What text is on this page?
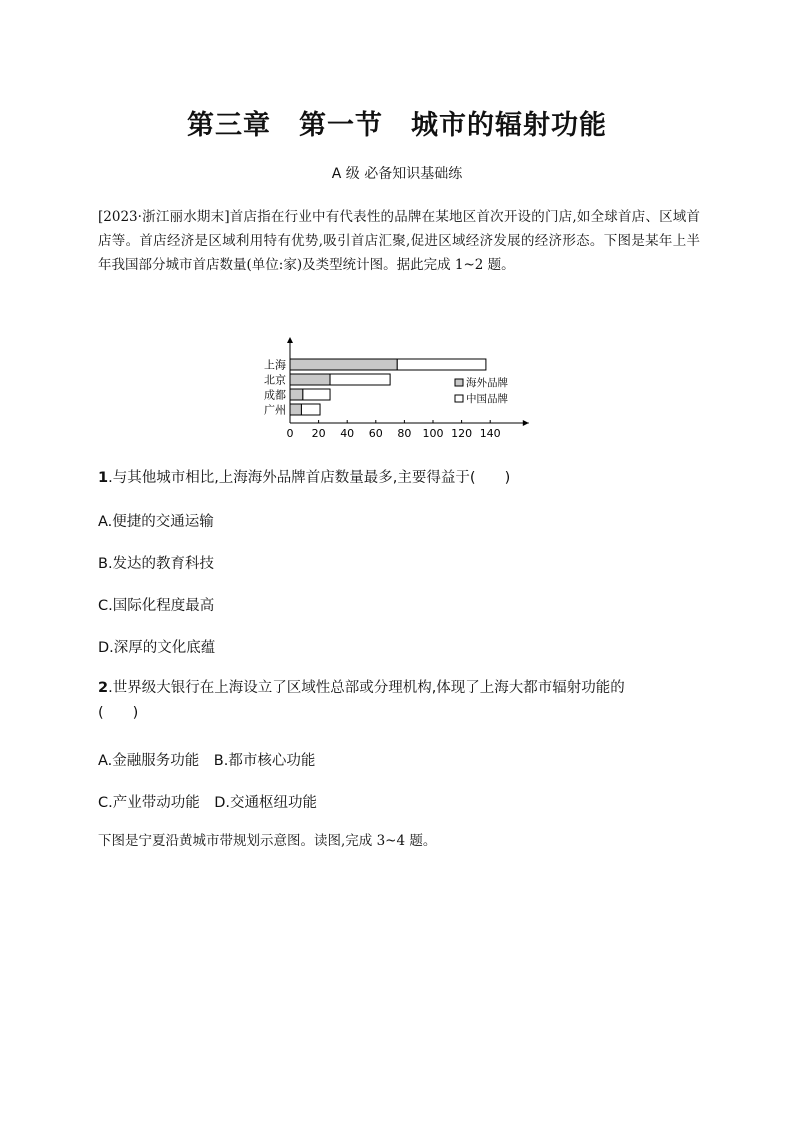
第三章　第一节　城市的辐射功能
A 级 必备知识基础练
[2023·浙江丽水期末]首店指在行业中有代表性的品牌在某地区首次开设的门店,如全球首店、区域首店等。首店经济是区域利用特有优势,吸引首店汇聚,促进区域经济发展的经济形态。下图是某年上半年我国部分城市首店数量(单位:家)及类型统计图。据此完成 1~2 题。
0 20 40 60 80 100 120 140
上海
北京
成都
广州
海外品牌
中国品牌
1.与其他城市相比,上海海外品牌首店数量最多,主要得益于(　　)
A.便捷的交通运输
B.发达的教育科技
C.国际化程度最高
D.深厚的文化底蕴
2.世界级大银行在上海设立了区域性总部或分理机构,体现了上海大都市辐射功能的
(　　)
A.金融服务功能　B.都市核心功能
C.产业带动功能　D.交通枢纽功能
下图是宁夏沿黄城市带规划示意图。读图,完成 3~4 题。
